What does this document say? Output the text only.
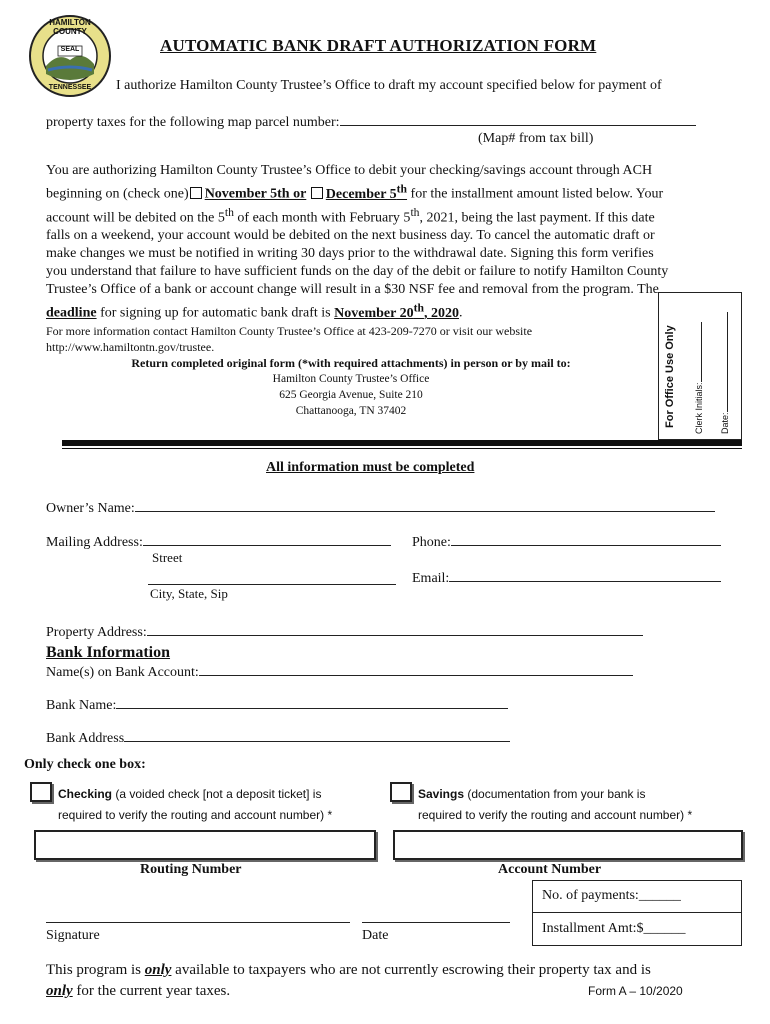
HAMILTON COUNTY
SEAL
TENNESSEE
AUTOMATIC BANK DRAFT AUTHORIZATION FORM
I authorize Hamilton County Trustee’s Office to draft my account specified below for payment of
property taxes for the following map parcel number:
(Map# from tax bill)
You are authorizing Hamilton County Trustee’s Office to debit your checking/savings account through ACH
beginning on (check one) November 5th or December 5th for the installment amount listed below. Your
account will be debited on the 5th of each month with February 5th, 2021, being the last payment. If this date
falls on a weekend, your account would be debited on the next business day. To cancel the automatic draft or
make changes we must be notified in writing 30 days prior to the withdrawal date. Signing this form verifies
you understand that failure to have sufficient funds on the day of the debit or failure to notify Hamilton County
Trustee’s Office of a bank or account change will result in a $30 NSF fee and removal from the program. The
deadline for signing up for automatic bank draft is November 20th, 2020.
For more information contact Hamilton County Trustee’s Office at 423-209-7270 or visit our website
http://www.hamiltontn.gov/trustee.
Return completed original form (*with required attachments) in person or by mail to:
Hamilton County Trustee’s Office
625 Georgia Avenue, Suite 210
Chattanooga, TN 37402	For Office Use Only Clerk Initials: Date:
All information must be completed
Owner’s Name:
Mailing Address:
Street
Phone:
City, State, Sip
Email:
Property Address:
Bank Information
Name(s) on Bank Account:
Bank Name:
Bank Address
Only check one box:
Checking (a voided check [not a deposit ticket] is
required to verify the routing and account number) *
Savings (documentation from your bank is
required to verify the routing and account number) *
Routing Number	Account Number
No. of payments:______
Installment Amt:$______
Signature	Date
This program is only available to taxpayers who are not currently escrowing their property tax and is
only for the current year taxes.	Form A – 10/2020
